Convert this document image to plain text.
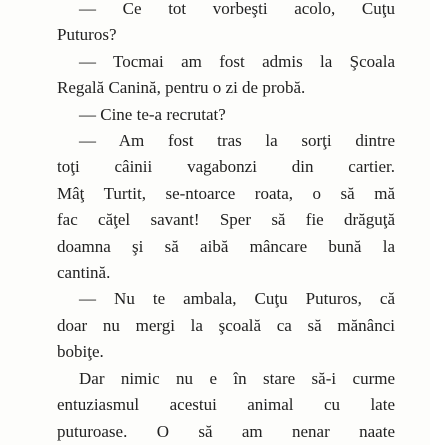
— Ce tot vorbeşti acolo, Cuţu
Puturos?

— Tocmai am fost admis la Şcoala
Regală Canină, pentru o zi de probă.

— Cine te-a recrutat?

— Am fost tras la sorţi dintre
toţi câinii vagabonzi din cartier.
Mâţ Turtit, se-ntoarce roata, o să mă
fac căţel savant! Sper să fie drăguţă
doamna şi să aibă mâncare bună la
cantină.

— Nu te ambala, Cuţu Puturos, că
doar nu mergi la şcoală ca să mănânci
bobiţe.

Dar nimic nu e în stare să-i curme
entuziasmul acestui animal cu late
puturoase. O să am nenar naate
